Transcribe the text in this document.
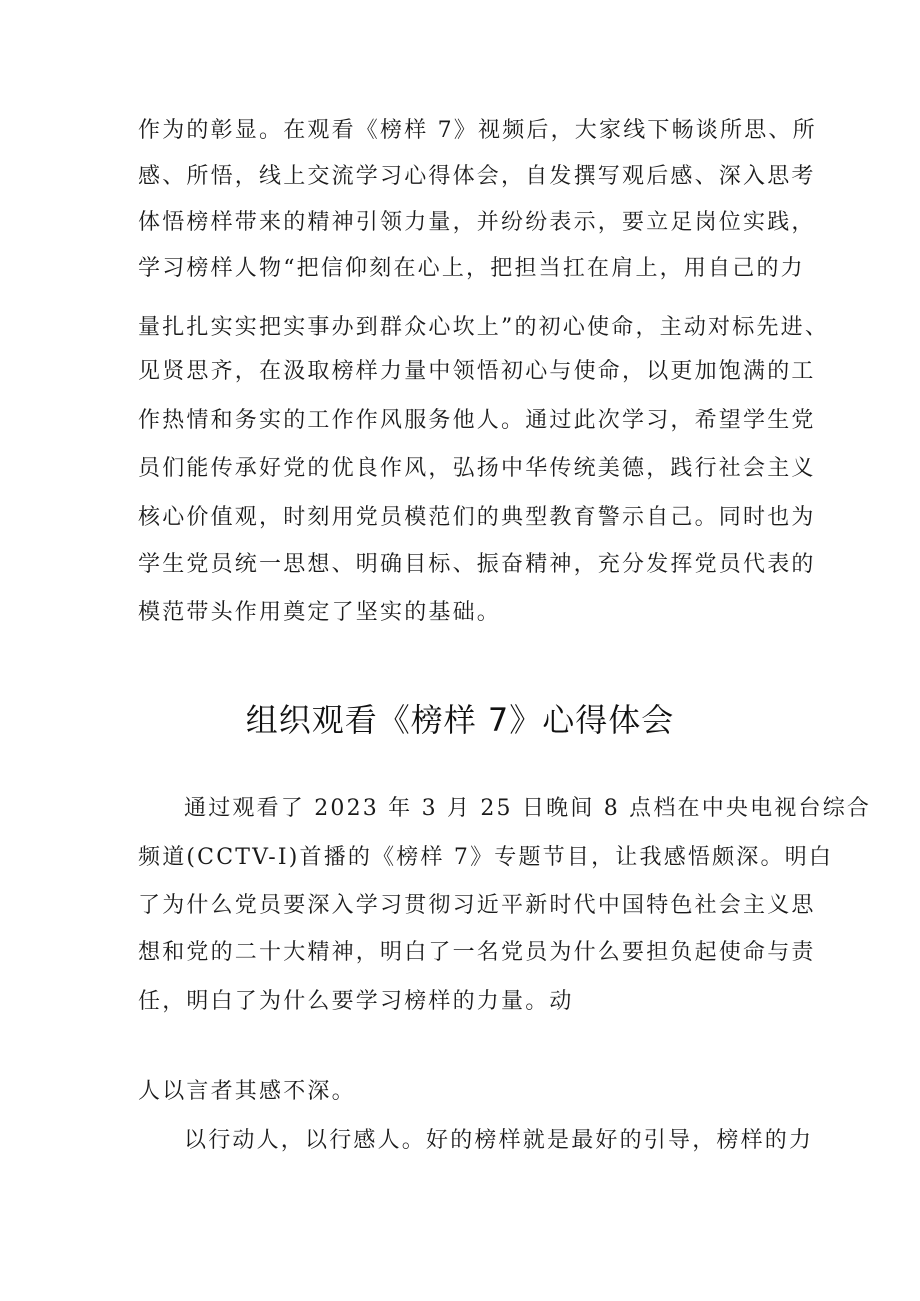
作为的彰显。在观看《榜样 7》视频后，大家线下畅谈所思、所
感、所悟，线上交流学习心得体会，自发撰写观后感、深入思考
体悟榜样带来的精神引领力量，并纷纷表示，要立足岗位实践，
学习榜样人物“把信仰刻在心上，把担当扛在肩上，用自己的力
量扎扎实实把实事办到群众心坎上”的初心使命，主动对标先进、
见贤思齐，在汲取榜样力量中领悟初心与使命，以更加饱满的工
作热情和务实的工作作风服务他人。通过此次学习，希望学生党
员们能传承好党的优良作风，弘扬中华传统美德，践行社会主义
核心价值观，时刻用党员模范们的典型教育警示自己。同时也为
学生党员统一思想、明确目标、振奋精神，充分发挥党员代表的
模范带头作用奠定了坚实的基础。
组织观看《榜样 7》心得体会
通过观看了 2023 年 3 月 25 日晚间 8 点档在中央电视台综合
频道(CCTV-I)首播的《榜样 7》专题节目，让我感悟颇深。明白
了为什么党员要深入学习贯彻习近平新时代中国特色社会主义思
想和党的二十大精神，明白了一名党员为什么要担负起使命与责
任，明白了为什么要学习榜样的力量。动
人以言者其感不深。
以行动人，以行感人。好的榜样就是最好的引导，榜样的力
